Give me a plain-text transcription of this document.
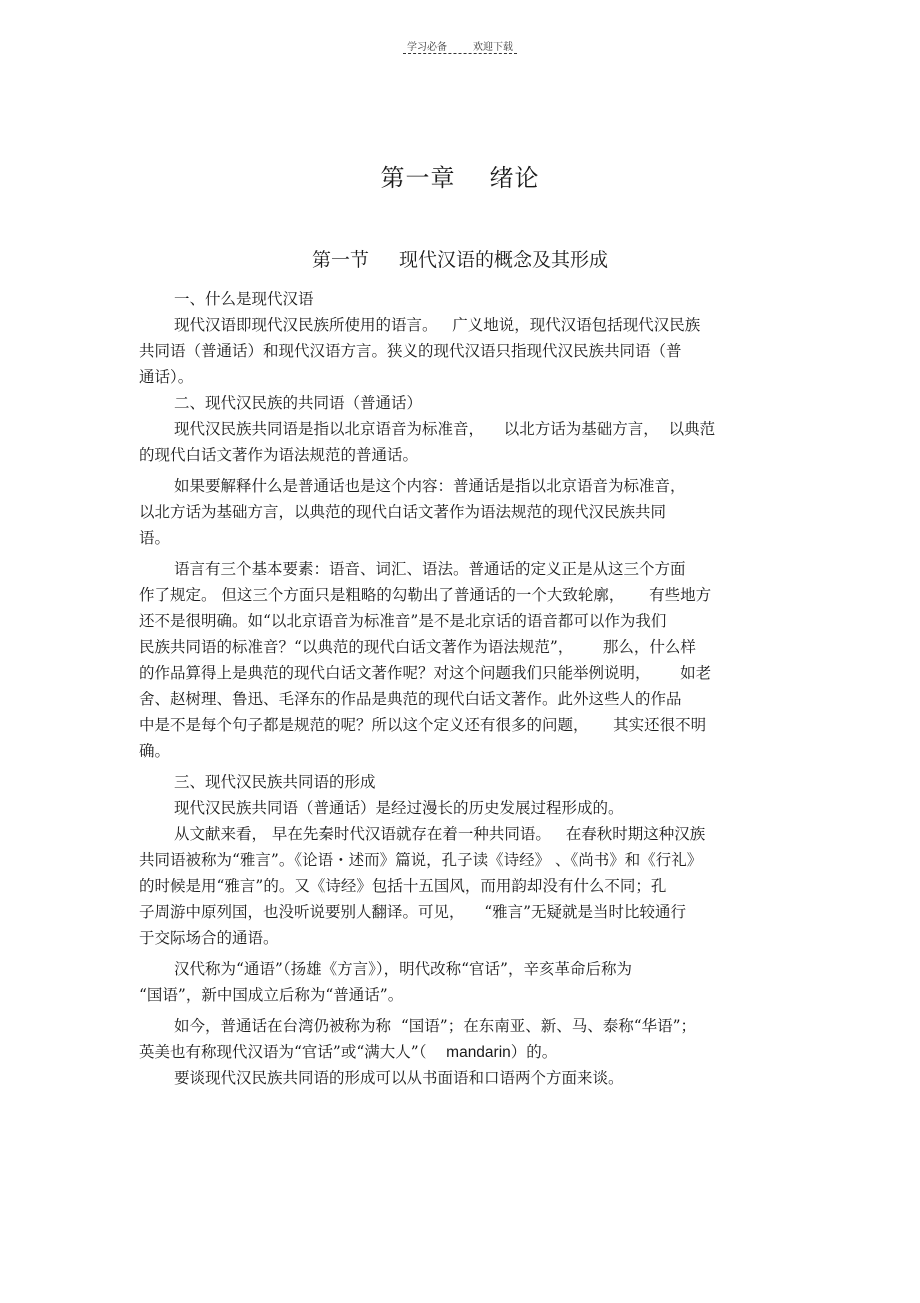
学习必备	欢迎下载
第一章 绪论
第一节 现代汉语的概念及其形成
一、什么是现代汉语
现代汉语即现代汉民族所使用的语言。   广义地说，现代汉语包括现代汉民族
共同语（普通话）和现代汉语方言。狭义的现代汉语只指现代汉民族共同语（普
通话）。
二、现代汉民族的共同语（普通话）
现代汉民族共同语是指以北京语音为标准音，    以北方话为基础方言，  以典范
的现代白话文著作为语法规范的普通话。
如果要解释什么是普通话也是这个内容：普通话是指以北京语音为标准音，
以北方话为基础方言，以典范的现代白话文著作为语法规范的现代汉民族共同
语。
语言有三个基本要素：语音、词汇、语法。普通话的定义正是从这三个方面
作了规定。 但这三个方面只是粗略的勾勒出了普通话的一个大致轮廓，     有些地方
还不是很明确。如“以北京语音为标准音”是不是北京话的语音都可以作为我们
民族共同语的标准音？“以典范的现代白话文著作为语法规范”，      那么，什么样
的作品算得上是典范的现代白话文著作呢？对这个问题我们只能举例说明，      如老
舍、赵树理、鲁迅、毛泽东的作品是典范的现代白话文著作。此外这些人的作品
中是不是每个句子都是规范的呢？所以这个定义还有很多的问题，     其实还很不明
确。
三、现代汉民族共同语的形成
现代汉民族共同语（普通话）是经过漫长的历史发展过程形成的。
从文献来看， 早在先秦时代汉语就存在着一种共同语。   在春秋时期这种汉族
共同语被称为“雅言”。《论语・述而》篇说，孔子读《诗经》 、《尚书》和《行礼》
的时候是用“雅言”的。又《诗经》包括十五国风，而用韵却没有什么不同；孔
子周游中原列国，也没听说要别人翻译。可见，    “雅言”无疑就是当时比较通行
于交际场合的通语。
汉代称为“通语”（扬雄《方言》），明代改称“官话”，辛亥革命后称为
“国语”，新中国成立后称为“普通话”。
如今，普通话在台湾仍被称为称  “国语”；在东南亚、新、马、泰称“华语”；
英美也有称现代汉语为“官话”或“满大人”（    mandarin）的。
要谈现代汉民族共同语的形成可以从书面语和口语两个方面来谈。
